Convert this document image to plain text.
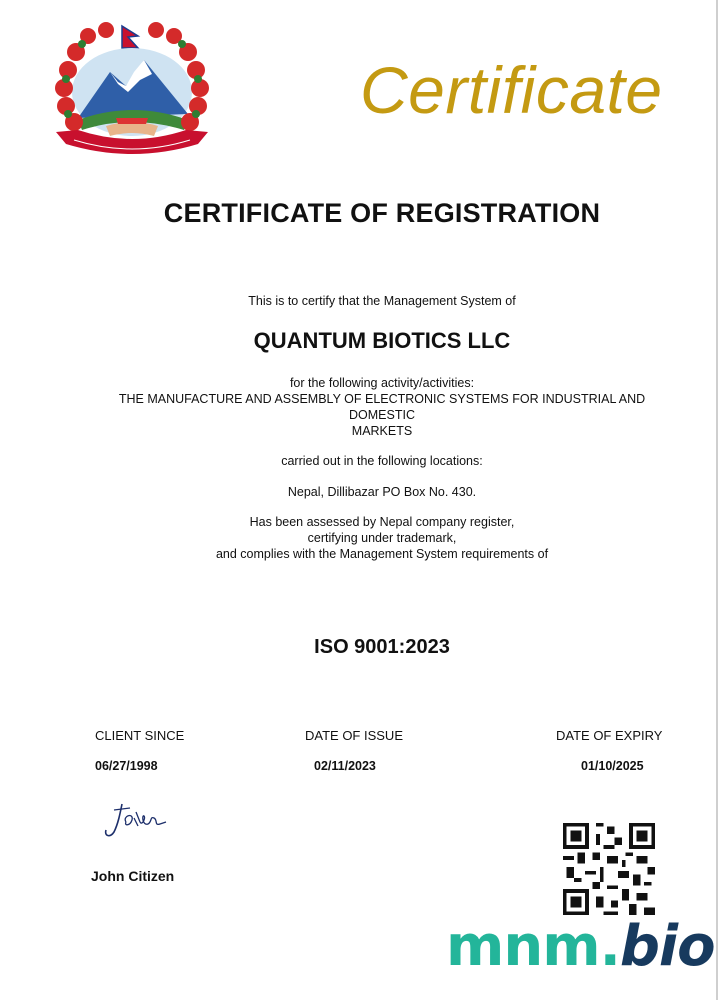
Certificate
CERTIFICATE OF REGISTRATION
This is to certify that the Management System of
QUANTUM BIOTICS LLC
for the following activity/activities:
THE MANUFACTURE AND ASSEMBLY OF ELECTRONIC SYSTEMS FOR INDUSTRIAL AND
DOMESTIC
MARKETS
carried out in the following locations:
Nepal, Dillibazar PO Box No. 430.
Has been assessed by Nepal company register,
certifying under trademark,
and complies with the Management System requirements of
ISO 9001:2023
CLIENT SINCE
06/27/1998
DATE OF ISSUE
02/11/2023
DATE OF EXPIRY
01/10/2025
John Citizen
mnm.bio
